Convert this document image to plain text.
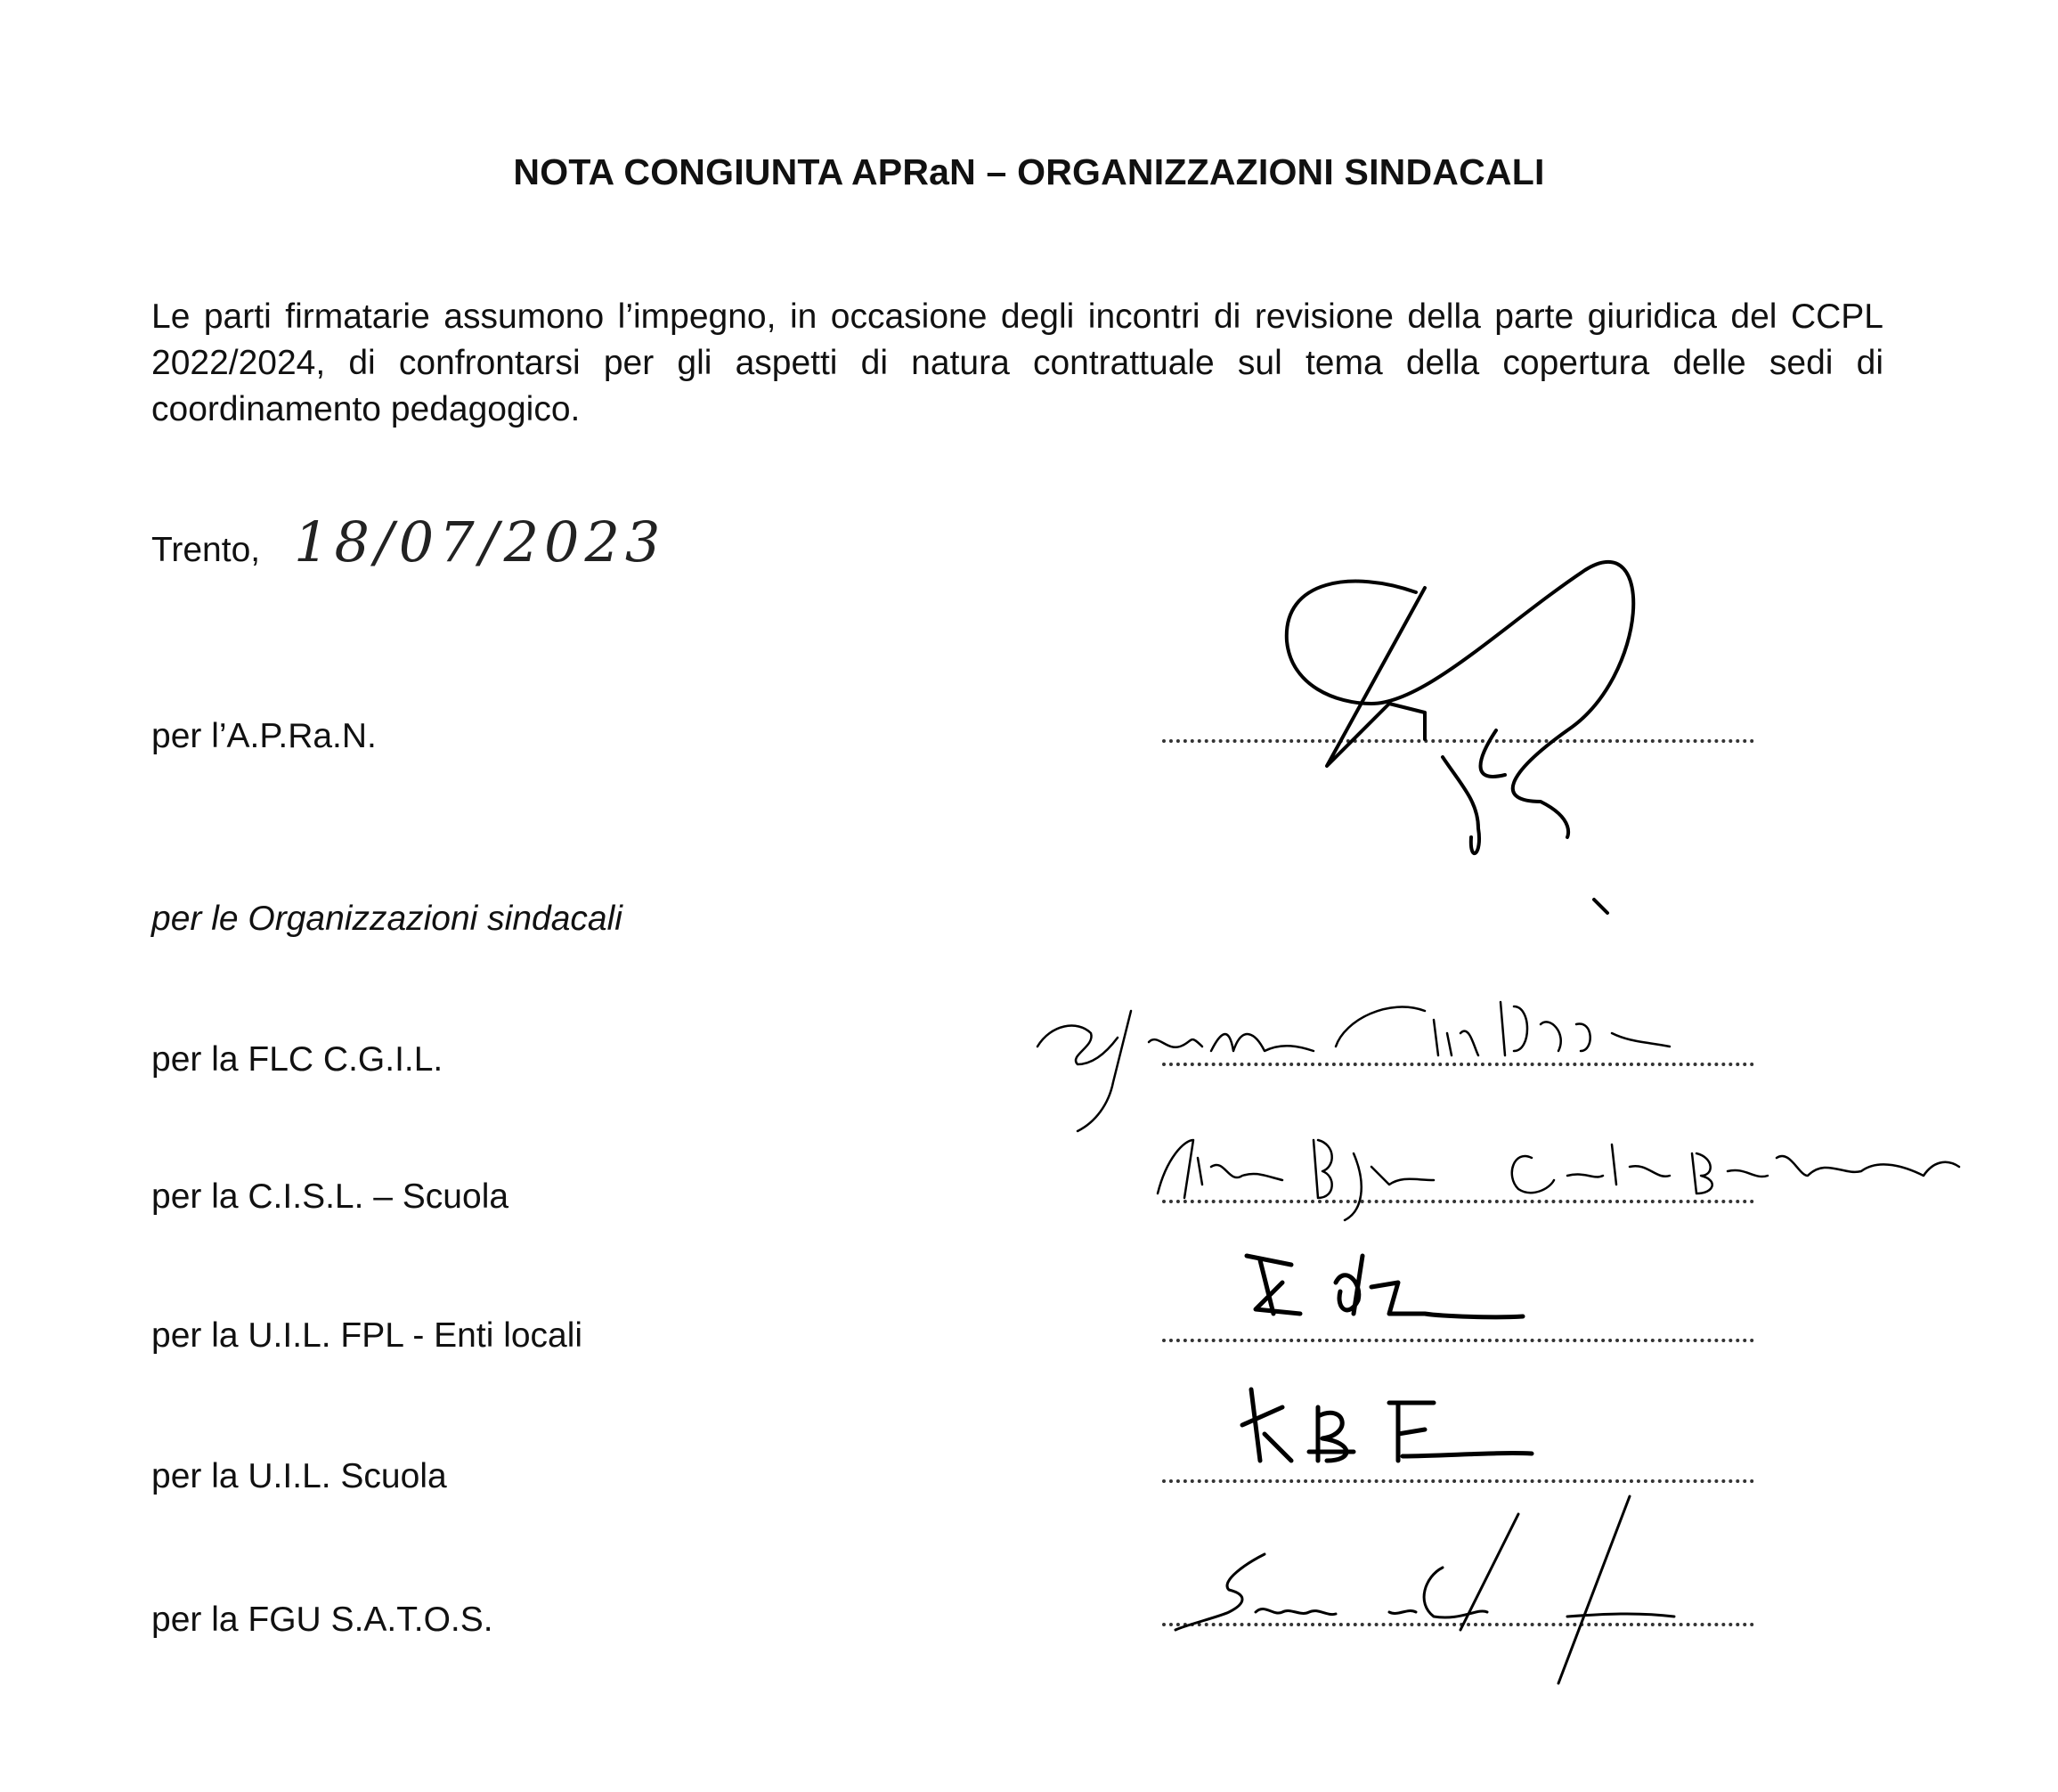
NOTA CONGIUNTA APRaN – ORGANIZZAZIONI SINDACALI
Le parti firmatarie assumono l’impegno, in occasione degli incontri di revisione della parte giuridica del CCPL 2022/2024, di confrontarsi per gli aspetti di natura contrattuale sul tema della copertura delle sedi di coordinamento pedagogico.
Trento, 18/07/2023
per l’A.P.Ra.N.
per le Organizzazioni sindacali
per la FLC C.G.I.L.
per la C.I.S.L. – Scuola
per la U.I.L. FPL - Enti locali
per la U.I.L. Scuola
per la FGU S.A.T.O.S.
